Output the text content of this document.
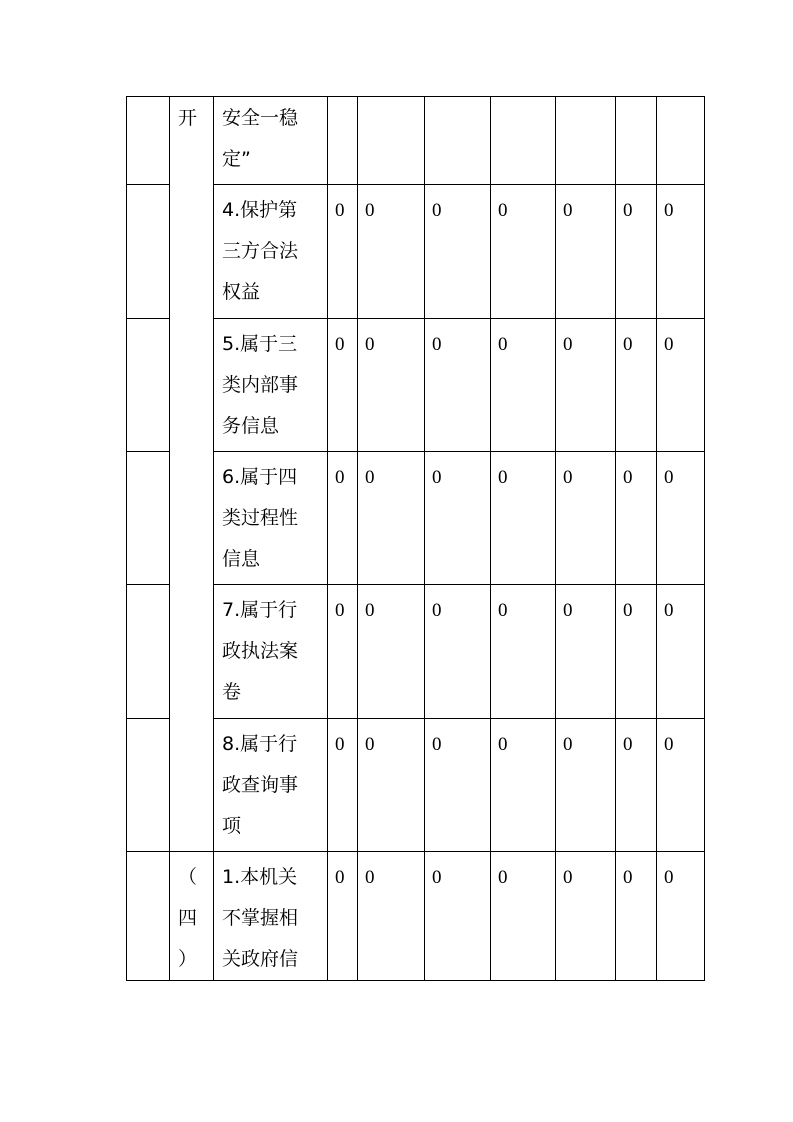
	开	安全一稳
定”							

		4.保护第
三方合法
权益	0	0	0	0	0	0	0

		5.属于三
类内部事
务信息	0	0	0	0	0	0	0

		6.属于四
类过程性
信息	0	0	0	0	0	0	0

		7.属于行
政执法案
卷	0	0	0	0	0	0	0

		8.属于行
政查询事
项	0	0	0	0	0	0	0

	（
四
）	1.本机关
不掌握相
关政府信	0	0	0	0	0	0	0
